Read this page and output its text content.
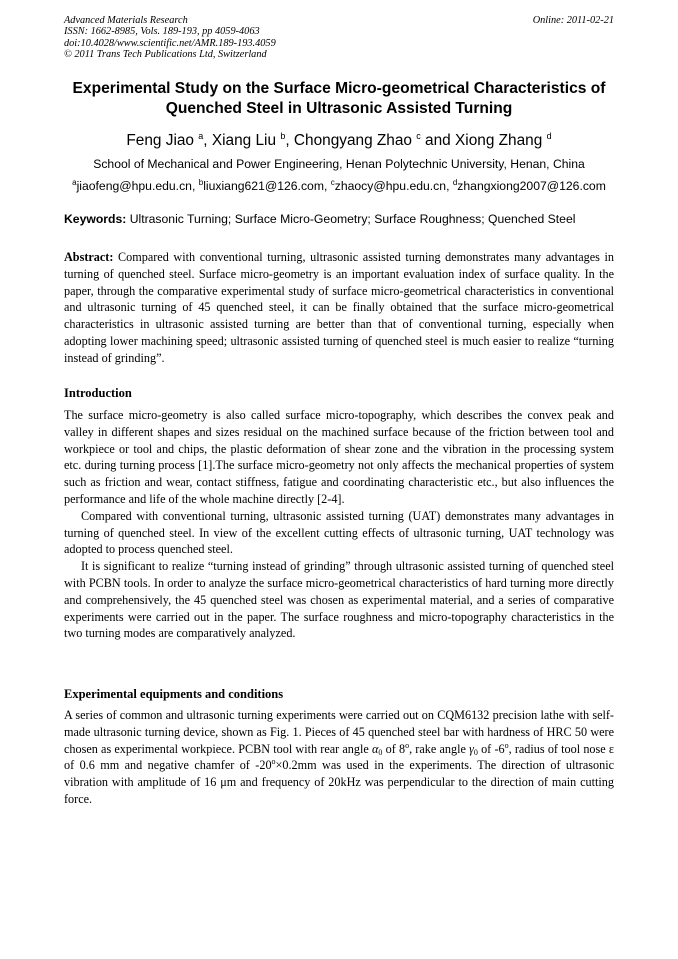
Advanced Materials Research
ISSN: 1662-8985, Vols. 189-193, pp 4059-4063
doi:10.4028/www.scientific.net/AMR.189-193.4059
© 2011 Trans Tech Publications Ltd, Switzerland
Online: 2011-02-21
Experimental Study on the Surface Micro-geometrical Characteristics of Quenched Steel in Ultrasonic Assisted Turning
Feng Jiao $^a$, Xiang Liu $^b$, Chongyang Zhao $^c$ and Xiong Zhang $^d$
School of Mechanical and Power Engineering, Henan Polytechnic University, Henan, China
$^a$jiaofeng@hpu.edu.cn, $^b$liuxiang621@126.com, $^c$zhaocy@hpu.edu.cn, $^d$zhangxiong2007@126.com
Keywords: Ultrasonic Turning; Surface Micro-Geometry; Surface Roughness; Quenched Steel

Abstract: Compared with conventional turning, ultrasonic assisted turning demonstrates many advantages in turning of quenched steel. Surface micro-geometry is an important evaluation index of surface quality. In the paper, through the comparative experimental study of surface micro-geometrical characteristics in conventional and ultrasonic turning of 45 quenched steel, it can be finally obtained that the surface micro-geometrical characteristics in ultrasonic assisted turning are better than that of conventional turning, especially when adopting lower machining speed; ultrasonic assisted turning of quenched steel is much easier to realize “turning instead of grinding”.

Introduction

The surface micro-geometry is also called surface micro-topography, which describes the convex peak and valley in different shapes and sizes residual on the machined surface because of the friction between tool and workpiece or tool and chips, the plastic deformation of shear zone and the vibration in the processing system etc. during turning process [1].The surface micro-geometry not only affects the mechanical properties of system such as friction and wear, contact stiffness, fatigue and coordinating characteristic etc., but also influences the performance and life of the whole machine directly [2-4].

Compared with conventional turning, ultrasonic assisted turning (UAT) demonstrates many advantages in turning of quenched steel. In view of the excellent cutting effects of ultrasonic turning, UAT technology was adopted to process quenched steel.

It is significant to realize “turning instead of grinding” through ultrasonic assisted turning of quenched steel with PCBN tools. In order to analyze the surface micro-geometrical characteristics of hard turning more directly and comprehensively, the 45 quenched steel was chosen as experimental material, and a series of comparative experiments were carried out in the paper. The surface roughness and micro-topography characteristics in the two turning modes are comparatively analyzed.

Experimental equipments and conditions

A series of common and ultrasonic turning experiments were carried out on CQM6132 precision lathe with self-made ultrasonic turning device, shown as Fig. 1. Pieces of 45 quenched steel bar with hardness of HRC 50 were chosen as experimental workpiece. PCBN tool with rear angle $\alpha_0$ of 8$^o$, rake angle $\gamma_0$ of -6$^o$, radius of tool nose ε of 0.6 mm and negative chamfer of $-20^o\times 0.2mm$ was used in the experiments. The direction of ultrasonic vibration with amplitude of 16 μm and frequency of 20kHz was perpendicular to the direction of main cutting force.
